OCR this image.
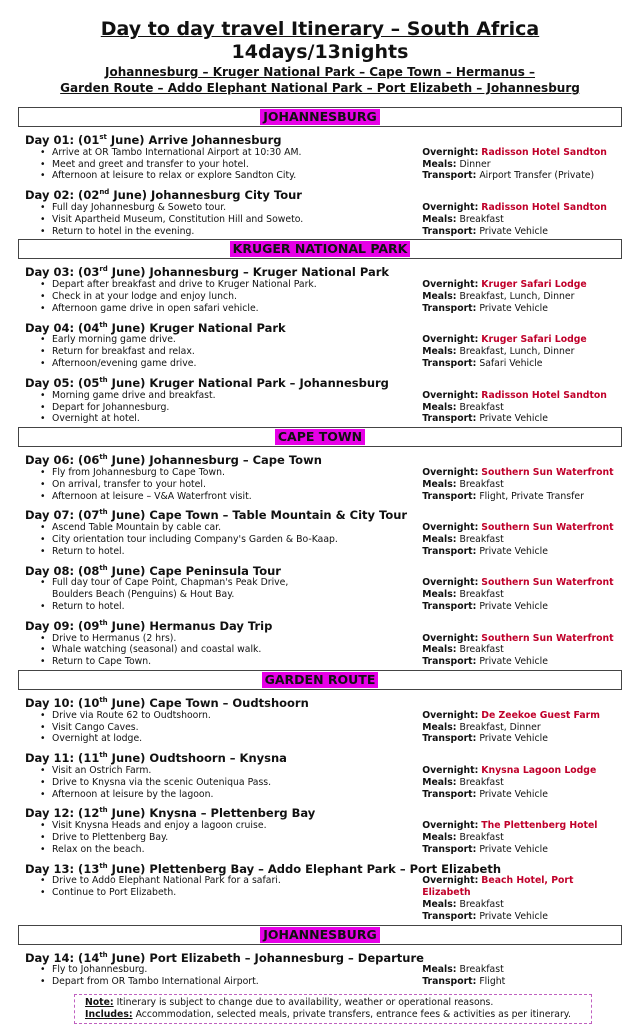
Day to day travel Itinerary – South Africa
14days/13nights
Johannesburg – Kruger National Park – Cape Town – Hermanus –
Garden Route – Addo Elephant National Park – Port Elizabeth – Johannesburg
JOHANNESBURG
Day 01: (01st June) Arrive Johannesburg
• Arrive at OR Tambo International Airport at 10:30 AM.
• Meet and greet and transfer to your hotel.
• Afternoon at leisure to relax or explore Sandton City.
Overnight: Radisson Hotel Sandton
Meals: Dinner
Transport: Airport Transfer (Private)
Day 02: (02nd June) Johannesburg City Tour
• Full day Johannesburg & Soweto tour.
• Visit Apartheid Museum, Constitution Hill and Soweto.
• Return to hotel in the evening.
Overnight: Radisson Hotel Sandton
Meals: Breakfast
Transport: Private Vehicle
KRUGER NATIONAL PARK
Day 03: (03rd June) Johannesburg – Kruger National Park
• Depart after breakfast and drive to Kruger National Park.
• Check in at your lodge and enjoy lunch.
• Afternoon game drive in open safari vehicle.
Overnight: Kruger Safari Lodge
Meals: Breakfast, Lunch, Dinner
Transport: Private Vehicle
Day 04: (04th June) Kruger National Park
• Early morning game drive.
• Return for breakfast and relax.
• Afternoon/evening game drive.
Overnight: Kruger Safari Lodge
Meals: Breakfast, Lunch, Dinner
Transport: Safari Vehicle
Day 05: (05th June) Kruger National Park – Johannesburg
• Morning game drive and breakfast.
• Depart for Johannesburg.
• Overnight at hotel.
Overnight: Radisson Hotel Sandton
Meals: Breakfast
Transport: Private Vehicle
CAPE TOWN
Day 06: (06th June) Johannesburg – Cape Town
• Fly from Johannesburg to Cape Town.
• On arrival, transfer to your hotel.
• Afternoon at leisure – V&A Waterfront visit.
Overnight: Southern Sun Waterfront
Meals: Breakfast
Transport: Flight, Private Transfer
Day 07: (07th June) Cape Town – Table Mountain & City Tour
• Ascend Table Mountain by cable car.
• City orientation tour including Company's Garden & Bo-Kaap.
• Return to hotel.
Overnight: Southern Sun Waterfront
Meals: Breakfast
Transport: Private Vehicle
Day 08: (08th June) Cape Peninsula Tour
• Full day tour of Cape Point, Chapman's Peak Drive,
Boulders Beach (Penguins) & Hout Bay.
• Return to hotel.
Overnight: Southern Sun Waterfront
Meals: Breakfast
Transport: Private Vehicle
Day 09: (09th June) Hermanus Day Trip
• Drive to Hermanus (2 hrs).
• Whale watching (seasonal) and coastal walk.
• Return to Cape Town.
Overnight: Southern Sun Waterfront
Meals: Breakfast
Transport: Private Vehicle
GARDEN ROUTE
Day 10: (10th June) Cape Town – Oudtshoorn
• Drive via Route 62 to Oudtshoorn.
• Visit Cango Caves.
• Overnight at lodge.
Overnight: De Zeekoe Guest Farm
Meals: Breakfast, Dinner
Transport: Private Vehicle
Day 11: (11th June) Oudtshoorn – Knysna
• Visit an Ostrich Farm.
• Drive to Knysna via the scenic Outeniqua Pass.
• Afternoon at leisure by the lagoon.
Overnight: Knysna Lagoon Lodge
Meals: Breakfast
Transport: Private Vehicle
Day 12: (12th June) Knysna – Plettenberg Bay
• Visit Knysna Heads and enjoy a lagoon cruise.
• Drive to Plettenberg Bay.
• Relax on the beach.
Overnight: The Plettenberg Hotel
Meals: Breakfast
Transport: Private Vehicle
Day 13: (13th June) Plettenberg Bay – Addo Elephant Park – Port Elizabeth
• Drive to Addo Elephant National Park for a safari.
• Continue to Port Elizabeth.
Overnight: Beach Hotel, Port Elizabeth
Meals: Breakfast
Transport: Private Vehicle
JOHANNESBURG
Day 14: (14th June) Port Elizabeth – Johannesburg – Departure
• Fly to Johannesburg.
• Depart from OR Tambo International Airport.
Meals: Breakfast
Transport: Flight
Note: Itinerary is subject to change due to availability, weather or operational reasons.
Includes: Accommodation, selected meals, private transfers, entrance fees & activities as per itinerary.
